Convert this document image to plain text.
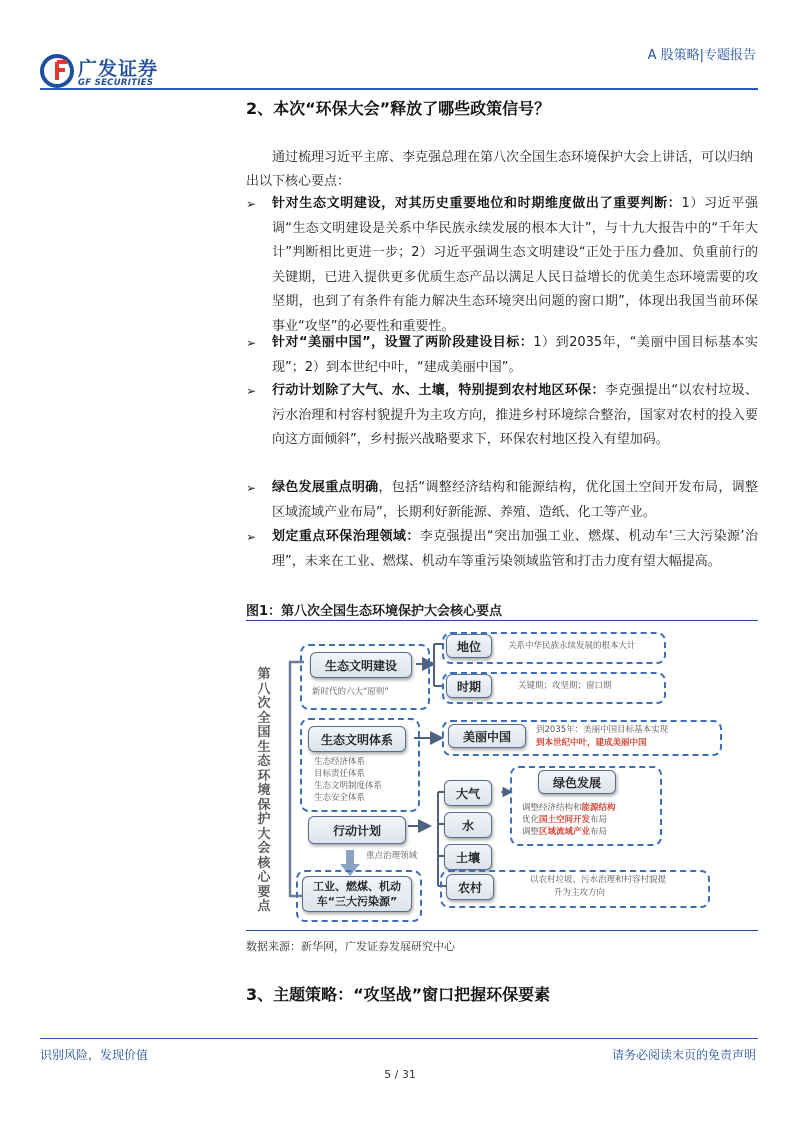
广发证券
GF SECURITIES
A 股策略|专题报告
2、本次“环保大会”释放了哪些政策信号？
通过梳理习近平主席、李克强总理在第八次全国生态环境保护大会上讲话，可以归纳出以下核心要点：
➢ 针对生态文明建设，对其历史重要地位和时期维度做出了重要判断：1）习近平强调“生态文明建设是关系中华民族永续发展的根本大计”，与十九大报告中的“千年大计”判断相比更进一步；2）习近平强调生态文明建设“正处于压力叠加、负重前行的关键期，已进入提供更多优质生态产品以满足人民日益增长的优美生态环境需要的攻坚期，也到了有条件有能力解决生态环境突出问题的窗口期”，体现出我国当前环保事业“攻坚”的必要性和重要性。
➢ 针对“美丽中国”，设置了两阶段建设目标：1）到2035年，“美丽中国目标基本实现”；2）到本世纪中叶，“建成美丽中国”。
➢ 行动计划除了大气、水、土壤，特别提到农村地区环保：李克强提出“以农村垃圾、污水治理和村容村貌提升为主攻方向，推进乡村环境综合整治，国家对农村的投入要向这方面倾斜”，乡村振兴战略要求下，环保农村地区投入有望加码。
➢ 绿色发展重点明确，包括“调整经济结构和能源结构，优化国土空间开发布局，调整区域流域产业布局”，长期利好新能源、养殖、造纸、化工等产业。
➢ 划定重点环保治理领域：李克强提出“突出加强工业、燃煤、机动车‘三大污染源’治理”，未来在工业、燃煤、机动车等重污染领域监管和打击力度有望大幅提高。
图1：第八次全国生态环境保护大会核心要点
第八次全国生态环境保护大会核心要点
生态文明建设
新时代的六大“原则”
地位	关系中华民族永续发展的根本大计
时期	关键期；攻坚期；窗口期
生态文明体系
生态经济体系
目标责任体系
生态文明制度体系
生态安全体系
美丽中国	到2035年：美丽中国目标基本实现
到本世纪中叶，建成美丽中国
行动计划
重点治理领域
大气
水
土壤
绿色发展
调整经济结构和能源结构
优化国土空间开发布局
调整区域流域产业布局
农村
以农村垃圾、污水治理和村容村貌提
升为主攻方向
工业、燃煤、机动车“三大污染源”
数据来源：新华网，广发证券发展研究中心
3、主题策略：“攻坚战”窗口把握环保要素
识别风险，发现价值	请务必阅读末页的免责声明
5 / 31
